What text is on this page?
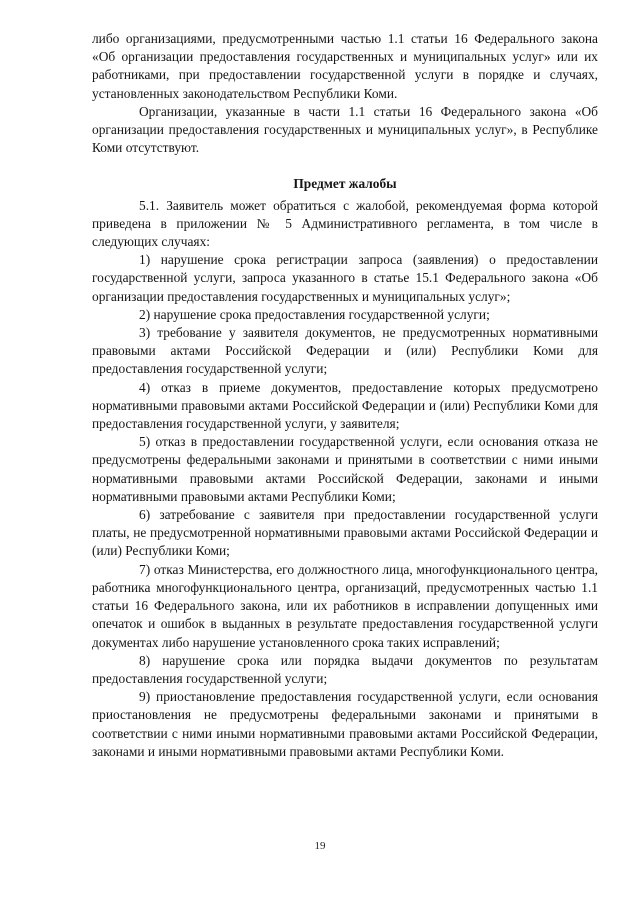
либо организациями, предусмотренными частью 1.1 статьи 16 Федерального закона «Об организации предоставления государственных и муниципальных услуг» или их работниками, при предоставлении государственной услуги в порядке и случаях, установленных законодательством Республики Коми.

Организации, указанные в части 1.1 статьи 16 Федерального закона «Об организации предоставления государственных и муниципальных услуг», в Республике Коми отсутствуют.

Предмет жалобы

5.1. Заявитель может обратиться с жалобой, рекомендуемая форма которой приведена в приложении № 5 Административного регламента, в том числе в следующих случаях:

1) нарушение срока регистрации запроса (заявления) о предоставлении государственной услуги, запроса указанного в статье 15.1 Федерального закона «Об организации предоставления государственных и муниципальных услуг»;

2) нарушение срока предоставления государственной услуги;

3) требование у заявителя документов, не предусмотренных нормативными правовыми актами Российской Федерации и (или) Республики Коми для предоставления государственной услуги;

4) отказ в приеме документов, предоставление которых предусмотрено нормативными правовыми актами Российской Федерации и (или) Республики Коми для предоставления государственной услуги, у заявителя;

5) отказ в предоставлении государственной услуги, если основания отказа не предусмотрены федеральными законами и принятыми в соответствии с ними иными нормативными правовыми актами Российской Федерации, законами и иными нормативными правовыми актами Республики Коми;

6) затребование с заявителя при предоставлении государственной услуги платы, не предусмотренной нормативными правовыми актами Российской Федерации и (или) Республики Коми;

7) отказ Министерства, его должностного лица, многофункционального центра, работника многофункционального центра, организаций, предусмотренных частью 1.1 статьи 16 Федерального закона, или их работников в исправлении допущенных ими опечаток и ошибок в выданных в результате предоставления государственной услуги документах либо нарушение установленного срока таких исправлений;

8) нарушение срока или порядка выдачи документов по результатам предоставления государственной услуги;

9) приостановление предоставления государственной услуги, если основания приостановления не предусмотрены федеральными законами и принятыми в соответствии с ними иными нормативными правовыми актами Российской Федерации, законами и иными нормативными правовыми актами Республики Коми.

19
